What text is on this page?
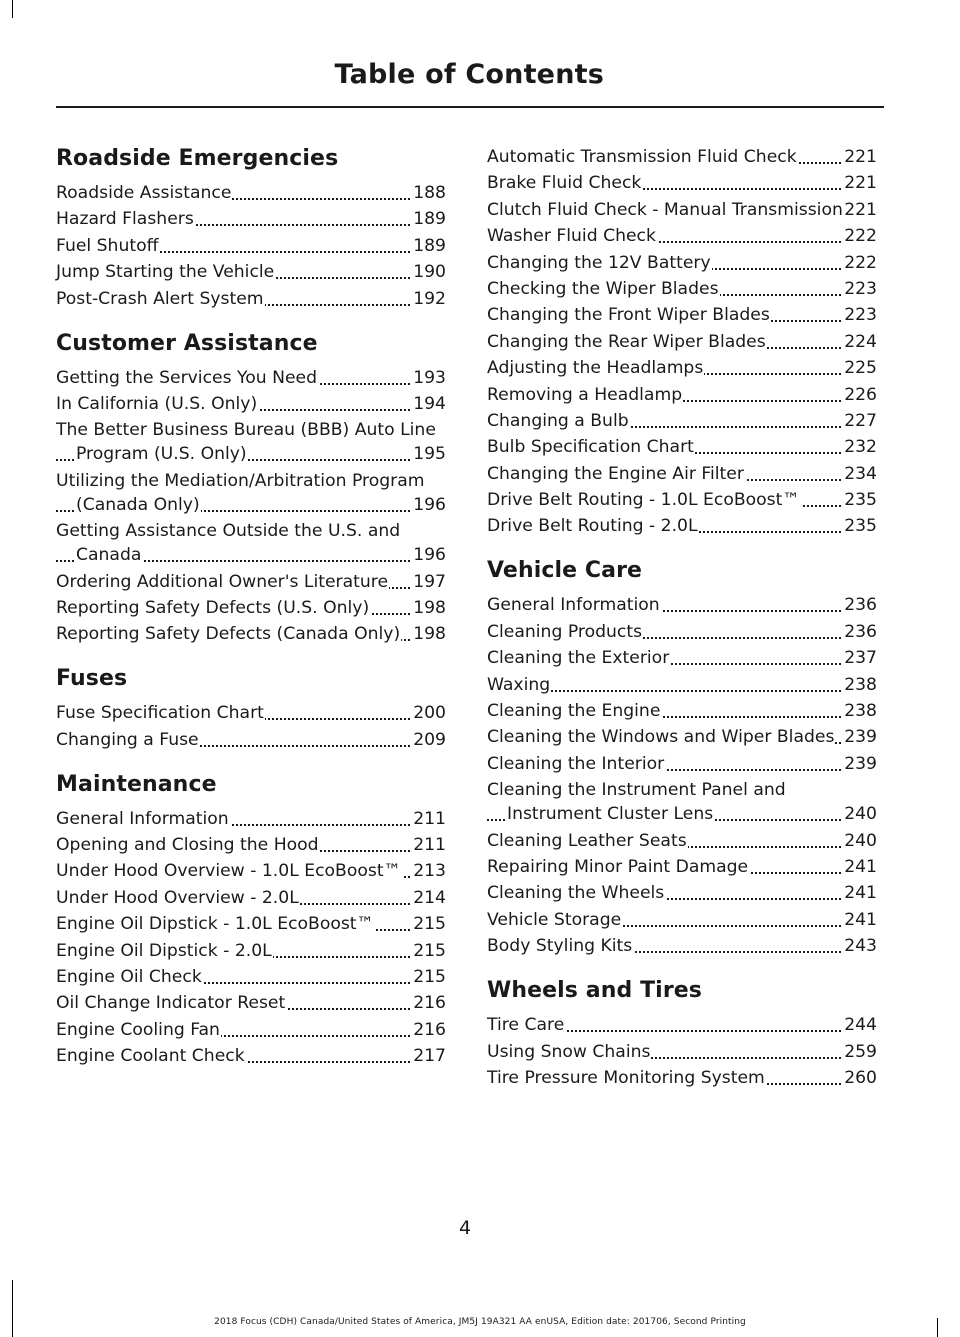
Table of Contents
Roadside Emergencies
Roadside Assistance	188
Hazard Flashers	189
Fuel Shutoff	189
Jump Starting the Vehicle	190
Post-Crash Alert System	192
Customer Assistance
Getting the Services You Need	193
In California (U.S. Only)	194
The Better Business Bureau (BBB) Auto Line Program (U.S. Only)	195
Utilizing the Mediation/Arbitration Program (Canada Only)	196
Getting Assistance Outside the U.S. and Canada	196
Ordering Additional Owner's Literature 197
Reporting Safety Defects (U.S. Only)	198
Reporting Safety Defects (Canada Only) 198
Fuses
Fuse Specification Chart	200
Changing a Fuse	209
Maintenance
General Information	211
Opening and Closing the Hood	211
Under Hood Overview - 1.0L EcoBoost™ 213
Under Hood Overview - 2.0L	214
Engine Oil Dipstick - 1.0L EcoBoost™ 215
Engine Oil Dipstick - 2.0L	215
Engine Oil Check	215
Oil Change Indicator Reset	216
Engine Cooling Fan	216
Engine Coolant Check	217
Automatic Transmission Fluid Check	221
Brake Fluid Check	221
Clutch Fluid Check - Manual Transmission 221
Washer Fluid Check	222
Changing the 12V Battery	222
Checking the Wiper Blades	223
Changing the Front Wiper Blades	223
Changing the Rear Wiper Blades	224
Adjusting the Headlamps	225
Removing a Headlamp	226
Changing a Bulb	227
Bulb Specification Chart	232
Changing the Engine Air Filter	234
Drive Belt Routing - 1.0L EcoBoost™	235
Drive Belt Routing - 2.0L	235
Vehicle Care
General Information	236
Cleaning Products	236
Cleaning the Exterior	237
Waxing	238
Cleaning the Engine	238
Cleaning the Windows and Wiper Blades 239
Cleaning the Interior	239
Cleaning the Instrument Panel and Instrument Cluster Lens	240
Cleaning Leather Seats	240
Repairing Minor Paint Damage	241
Cleaning the Wheels	241
Vehicle Storage	241
Body Styling Kits	243
Wheels and Tires
Tire Care	244
Using Snow Chains	259
Tire Pressure Monitoring System	260
4
2018 Focus (CDH) Canada/United States of America, JM5J 19A321 AA enUSA, Edition date: 201706, Second Printing
